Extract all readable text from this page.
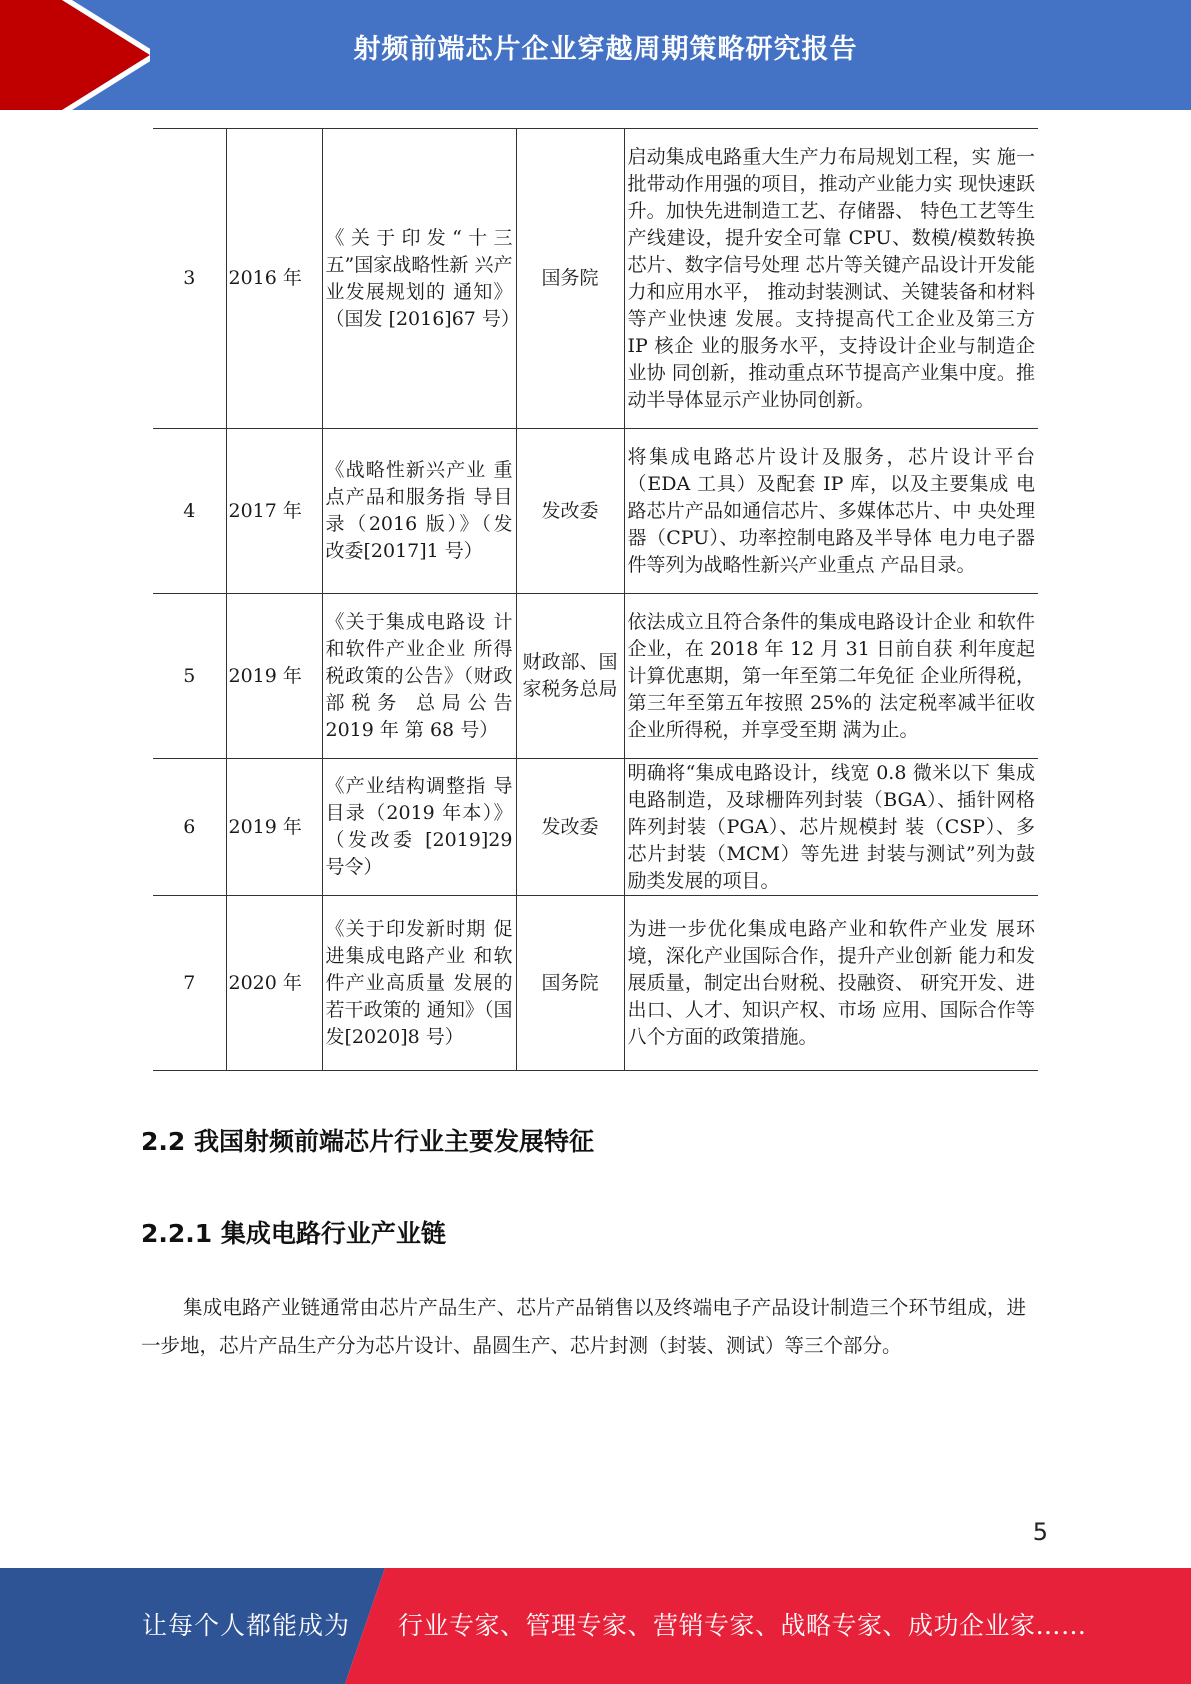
射频前端芯片企业穿越周期策略研究报告
3	2016 年	《关于印发“十三 五”国家战略性新 兴产业发展规划的 通知》（国发 [2016]67 号）	国务院	启动集成电路重大生产力布局规划工程，实 施一批带动作用强的项目，推动产业能力实 现快速跃升。加快先进制造工艺、存储器、 特色工艺等生产线建设，提升安全可靠 CPU、数模/模数转换芯片、数字信号处理 芯片等关键产品设计开发能力和应用水平， 推动封装测试、关键装备和材料等产业快速 发展。支持提高代工企业及第三方 IP 核企 业的服务水平，支持设计企业与制造企业协 同创新，推动重点环节提高产业集中度。推 动半导体显示产业协同创新。
4	2017 年	《战略性新兴产业 重点产品和服务指 导目录（2016 版）》（发改委[2017]1 号）	发改委	将集成电路芯片设计及服务，芯片设计平台（EDA 工具）及配套 IP 库，以及主要集成 电路芯片产品如通信芯片、多媒体芯片、中 央处理器（CPU）、功率控制电路及半导体 电力电子器件等列为战略性新兴产业重点 产品目录。
5	2019 年	《关于集成电路设 计和软件产业企业 所得税政策的公告》（财政部税务 总局公告 2019 年 第 68 号）	财政部、国家税务总局	依法成立且符合条件的集成电路设计企业 和软件企业，在 2018 年 12 月 31 日前自获 利年度起计算优惠期，第一年至第二年免征 企业所得税，第三年至第五年按照 25%的 法定税率减半征收企业所得税，并享受至期 满为止。
6	2019 年	《产业结构调整指 导目录（2019 年本）》（发改委 [2019]29 号令）	发改委	明确将“集成电路设计，线宽 0.8 微米以下 集成电路制造，及球栅阵列封装（BGA）、插针网格阵列封装（PGA）、芯片规模封 装（CSP）、多芯片封装（MCM）等先进 封装与测试”列为鼓励类发展的项目。
7	2020 年	《关于印发新时期 促进集成电路产业 和软件产业高质量 发展的若干政策的 通知》（国发[2020]8 号）	国务院	为进一步优化集成电路产业和软件产业发 展环境，深化产业国际合作，提升产业创新 能力和发展质量，制定出台财税、投融资、 研究开发、进出口、人才、知识产权、市场 应用、国际合作等八个方面的政策措施。
2.2 我国射频前端芯片行业主要发展特征
2.2.1 集成电路行业产业链

集成电路产业链通常由芯片产品生产、芯片产品销售以及终端电子产品设计制造三个环节组成，进一步地，芯片产品生产分为芯片设计、晶圆生产、芯片封测（封装、测试）等三个部分。

5
让每个人都能成为 行业专家、管理专家、营销专家、战略专家、成功企业家……
